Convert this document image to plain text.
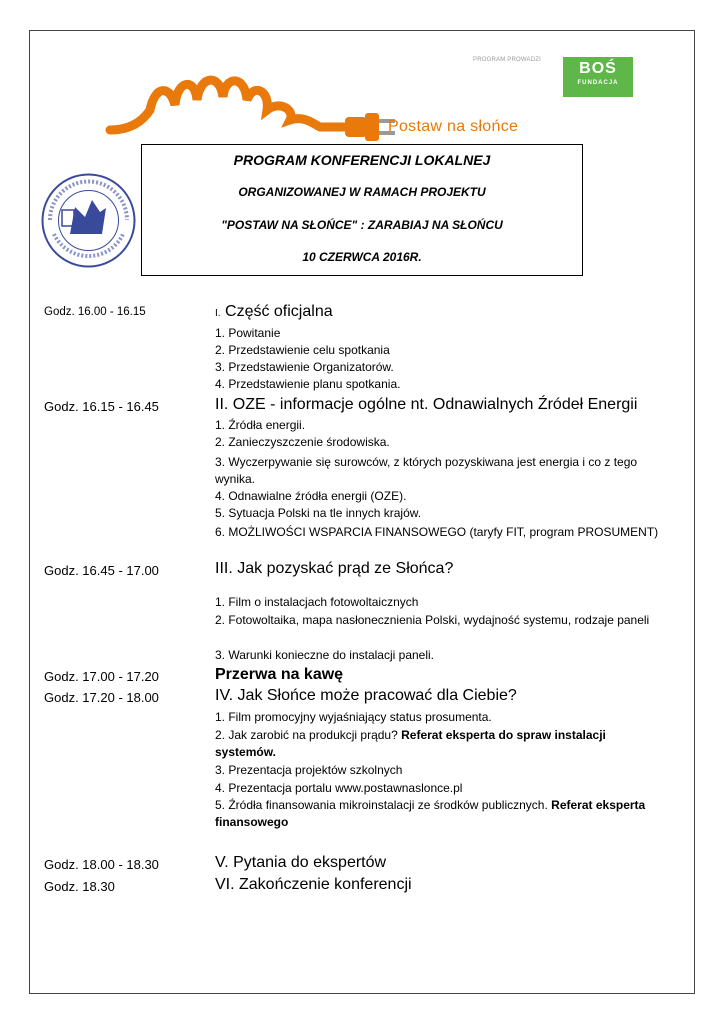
PROGRAM PROWADZI	BOŚ
FUNDACJA
Postaw na słońce
PROGRAM KONFERENCJI LOKALNEJ
ORGANIZOWANEJ W RAMACH PROJEKTU
"POSTAW NA SŁOŃCE" : ZARABIAJ NA SŁOŃCU
10 CZERWCA 2016R.
Godz. 16.00 - 16.15	I. Część oficjalna
1. Powitanie
2. Przedstawienie celu spotkania
3. Przedstawienie Organizatorów.
4. Przedstawienie planu spotkania.
Godz. 16.15 - 16.45	II. OZE - informacje ogólne nt. Odnawialnych Źródeł Energii
1. Źródła energii.
2. Zanieczyszczenie środowiska.
3. Wyczerpywanie się surowców, z których pozyskiwana jest energia i co z tego wynika.
4. Odnawialne źródła energii (OZE).
5. Sytuacja Polski na tle innych krajów.
6. MOŻLIWOŚCI WSPARCIA FINANSOWEGO (taryfy FIT, program PROSUMENT)
Godz. 16.45 - 17.00	III. Jak pozyskać prąd ze Słońca?
1. Film o instalacjach fotowoltaicznych
2. Fotowoltaika, mapa nasłonecznienia Polski, wydajność systemu, rodzaje paneli
3. Warunki konieczne do instalacji paneli.
Godz. 17.00 - 17.20	Przerwa na kawę
Godz. 17.20 - 18.00	IV. Jak Słońce może pracować dla Ciebie?
1. Film promocyjny wyjaśniający status prosumenta.
2. Jak zarobić na produkcji prądu? Referat eksperta do spraw instalacji systemów.
3. Prezentacja projektów szkolnych
4. Prezentacja portalu www.postawnaslonce.pl
5. Źródła finansowania mikroinstalacji ze środków publicznych. Referat eksperta finansowego
Godz. 18.00 - 18.30	V. Pytania do ekspertów
Godz. 18.30	VI. Zakończenie konferencji
